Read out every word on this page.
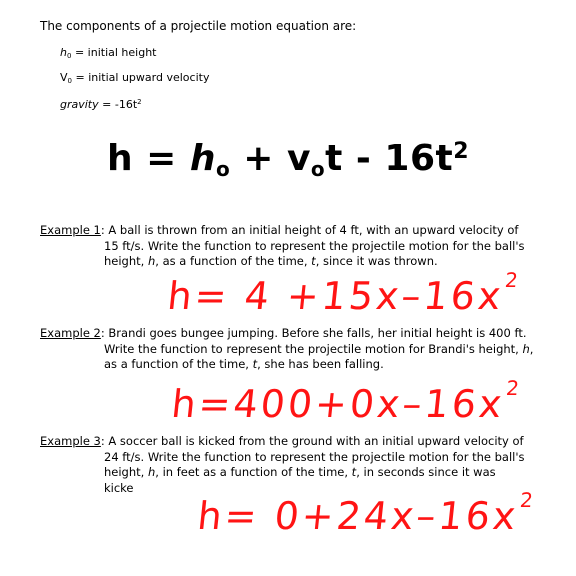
The components of a projectile motion equation are:
$h_0$ = initial height
$V_0$ = initial upward velocity
gravity = $-16t^2$
$h = h_o + v_ot - 16t^2$
Example 1: A ball is thrown from an initial height of 4 ft, with an upward velocity of
15 ft/s. Write the function to represent the projectile motion for the ball's
height, h, as a function of the time, t, since it was thrown.
$h= 4 +15x-16x^2$
Example 2: Brandi goes bungee jumping. Before she falls, her initial height is 400 ft.
Write the function to represent the projectile motion for Brandi's height, h,
as a function of the time, t, she has been falling.
$h=400+0x-16x^2$
Example 3: A soccer ball is kicked from the ground with an initial upward velocity of
24 ft/s. Write the function to represent the projectile motion for the ball's
height, h, in feet as a function of the time, t, in seconds since it was
kicke
$h= 0+24x-16x^2$
